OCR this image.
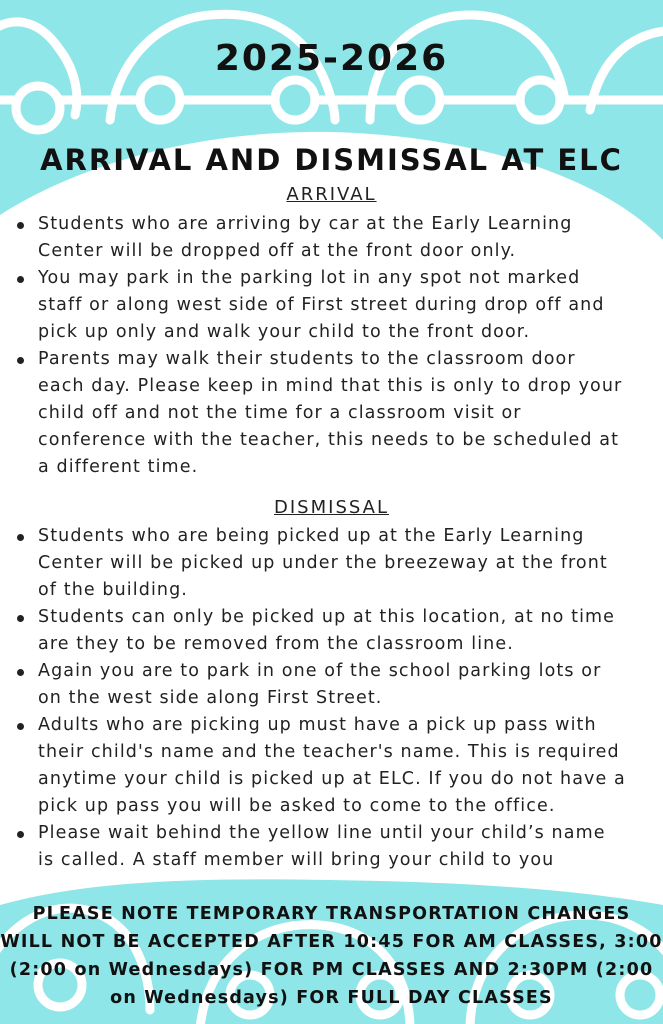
2025-2026
ARRIVAL AND DISMISSAL AT ELC
ARRIVAL
Students who are arriving by car at the Early Learning Center will be dropped off at the front door only.
You may park in the parking lot in any spot not marked staff or along west side of First street during drop off and pick up only and walk your child to the front door.
Parents may walk their students to the classroom door each day. Please keep in mind that this is only to drop your child off and not the time for a classroom visit or conference with the teacher, this needs to be scheduled at a different time.
DISMISSAL
Students who are being picked up at the Early Learning Center will be picked up under the breezeway at the front of the building.
Students can only be picked up at this location, at no time are they to be removed from the classroom line.
Again you are to park in one of the school parking lots or on the west side along First Street.
Adults who are picking up must have a pick up pass with their child's name and the teacher's name. This is required anytime your child is picked up at ELC. If you do not have a pick up pass you will be asked to come to the office.
Please wait behind the yellow line until your child’s name is called. A staff member will bring your child to you
PLEASE NOTE TEMPORARY TRANSPORTATION CHANGES
WILL NOT BE ACCEPTED AFTER 10:45 FOR AM CLASSES, 3:00
(2:00 on Wednesdays) FOR PM CLASSES AND 2:30PM (2:00
on Wednesdays) FOR FULL DAY CLASSES
